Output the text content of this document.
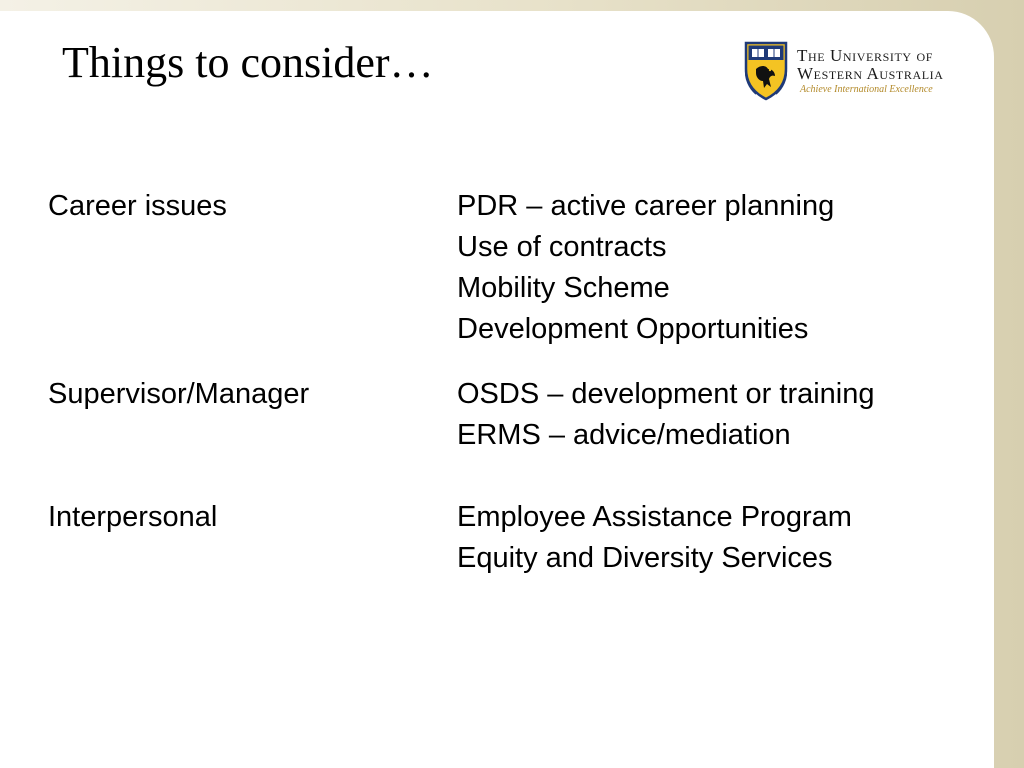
Things to consider…	The University of
Western Australia
Achieve International Excellence
Career issues	PDR – active career planning
Use of contracts
Mobility Scheme
Development Opportunities
Supervisor/Manager	OSDS – development or training
ERMS – advice/mediation
Interpersonal	Employee Assistance Program
Equity and Diversity Services
